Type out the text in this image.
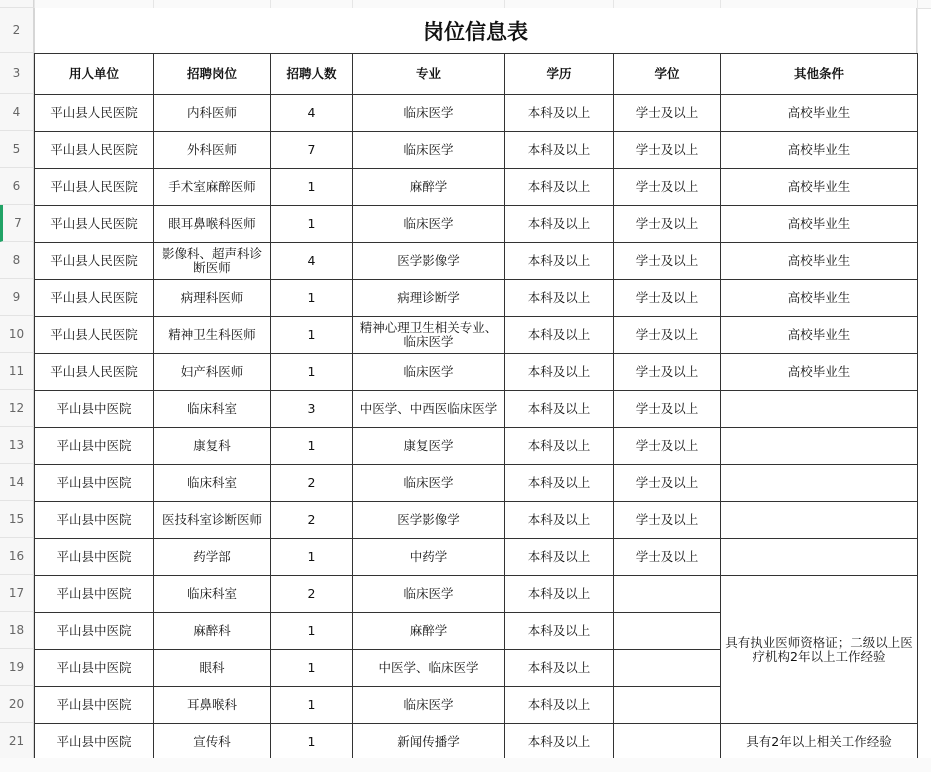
2
3
4
5
6
7
8
9
10
11
12
13
14
15
16
17
18
19
20
21
岗位信息表
用人单位	招聘岗位	招聘人数	专业	学历	学位	其他条件
平山县人民医院	内科医师	4	临床医学	本科及以上	学士及以上	高校毕业生
平山县人民医院	外科医师	7	临床医学	本科及以上	学士及以上	高校毕业生
平山县人民医院	手术室麻醉医师	1	麻醉学	本科及以上	学士及以上	高校毕业生
平山县人民医院	眼耳鼻喉科医师	1	临床医学	本科及以上	学士及以上	高校毕业生
平山县人民医院	影像科、超声科诊断医师	4	医学影像学	本科及以上	学士及以上	高校毕业生
平山县人民医院	病理科医师	1	病理诊断学	本科及以上	学士及以上	高校毕业生
平山县人民医院	精神卫生科医师	1	精神心理卫生相关专业、临床医学	本科及以上	学士及以上	高校毕业生
平山县人民医院	妇产科医师	1	临床医学	本科及以上	学士及以上	高校毕业生
平山县中医院	临床科室	3	中医学、中西医临床医学	本科及以上	学士及以上	
平山县中医院	康复科	1	康复医学	本科及以上	学士及以上	
平山县中医院	临床科室	2	临床医学	本科及以上	学士及以上	
平山县中医院	医技科室诊断医师	2	医学影像学	本科及以上	学士及以上	
平山县中医院	药学部	1	中药学	本科及以上	学士及以上	
平山县中医院	临床科室	2	临床医学	本科及以上		具有执业医师资格证；二级以上医疗机构2年以上工作经验
平山县中医院	麻醉科	1	麻醉学	本科及以上		
平山县中医院	眼科	1	中医学、临床医学	本科及以上		
平山县中医院	耳鼻喉科	1	临床医学	本科及以上		
平山县中医院	宣传科	1	新闻传播学	本科及以上		具有2年以上相关工作经验
